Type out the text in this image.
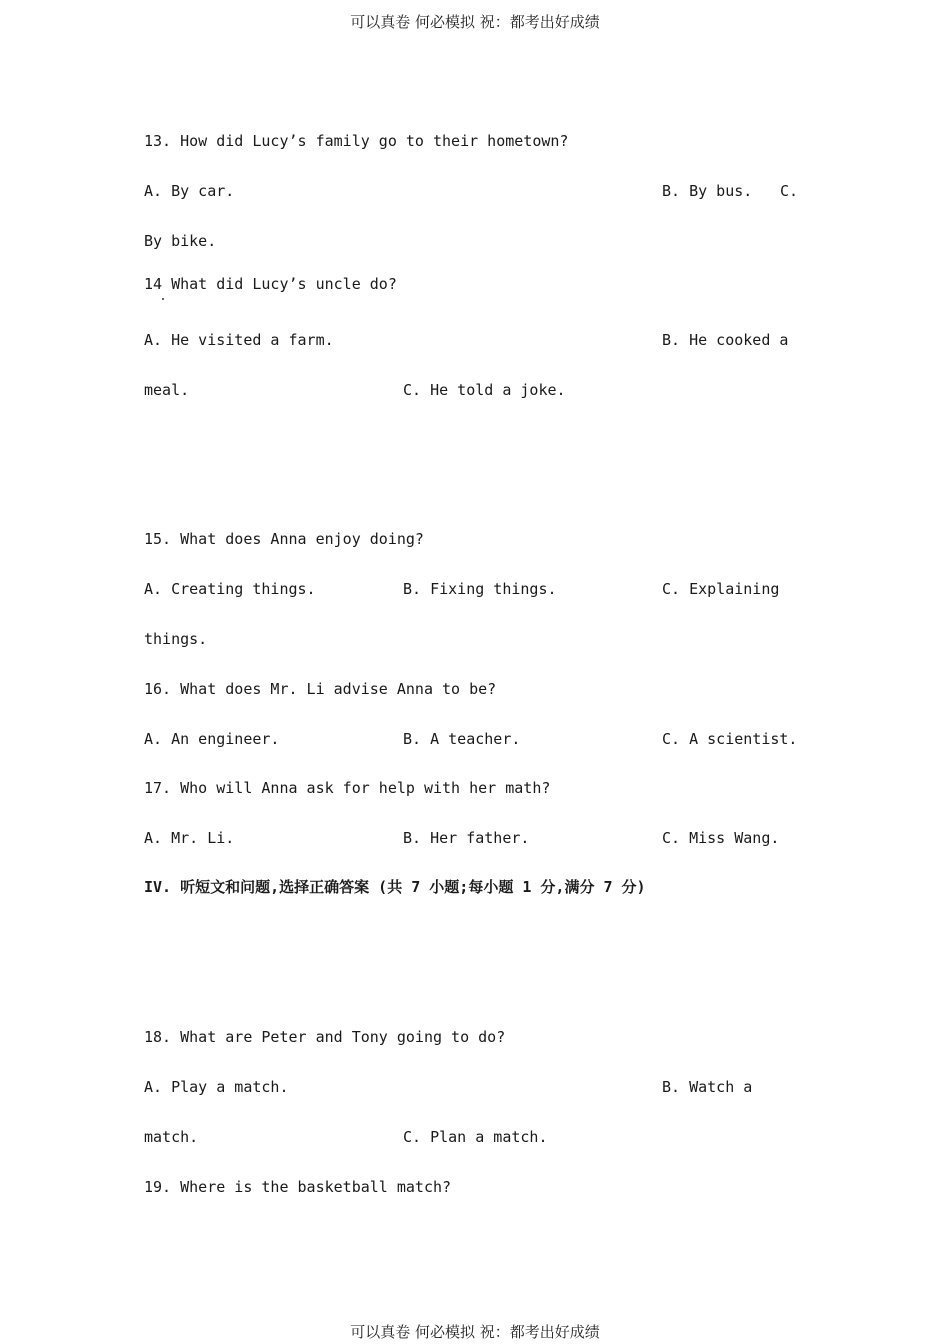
可以真卷 何必模拟 祝：都考出好成绩
13. How did Lucy’s family go to their hometown?
A. By car.	B. By bus. C.
By bike.
14 What did Lucy’s uncle do?
A. He visited a farm.	B. He cooked a
meal.	C. He told a joke.
15. What does Anna enjoy doing?
A. Creating things.	B. Fixing things.	C. Explaining
things.
16. What does Mr. Li advise Anna to be?
A. An engineer.	B. A teacher.	C. A scientist.
17. Who will Anna ask for help with her math?
A. Mr. Li.	B. Her father.	C. Miss Wang.
IV. 听短文和问题,选择正确答案 (共 7 小题;每小题 1 分,满分 7 分)
18. What are Peter and Tony going to do?
A. Play a match.	B. Watch a
match.	C. Plan a match.
19. Where is the basketball match?
可以真卷 何必模拟 祝：都考出好成绩
